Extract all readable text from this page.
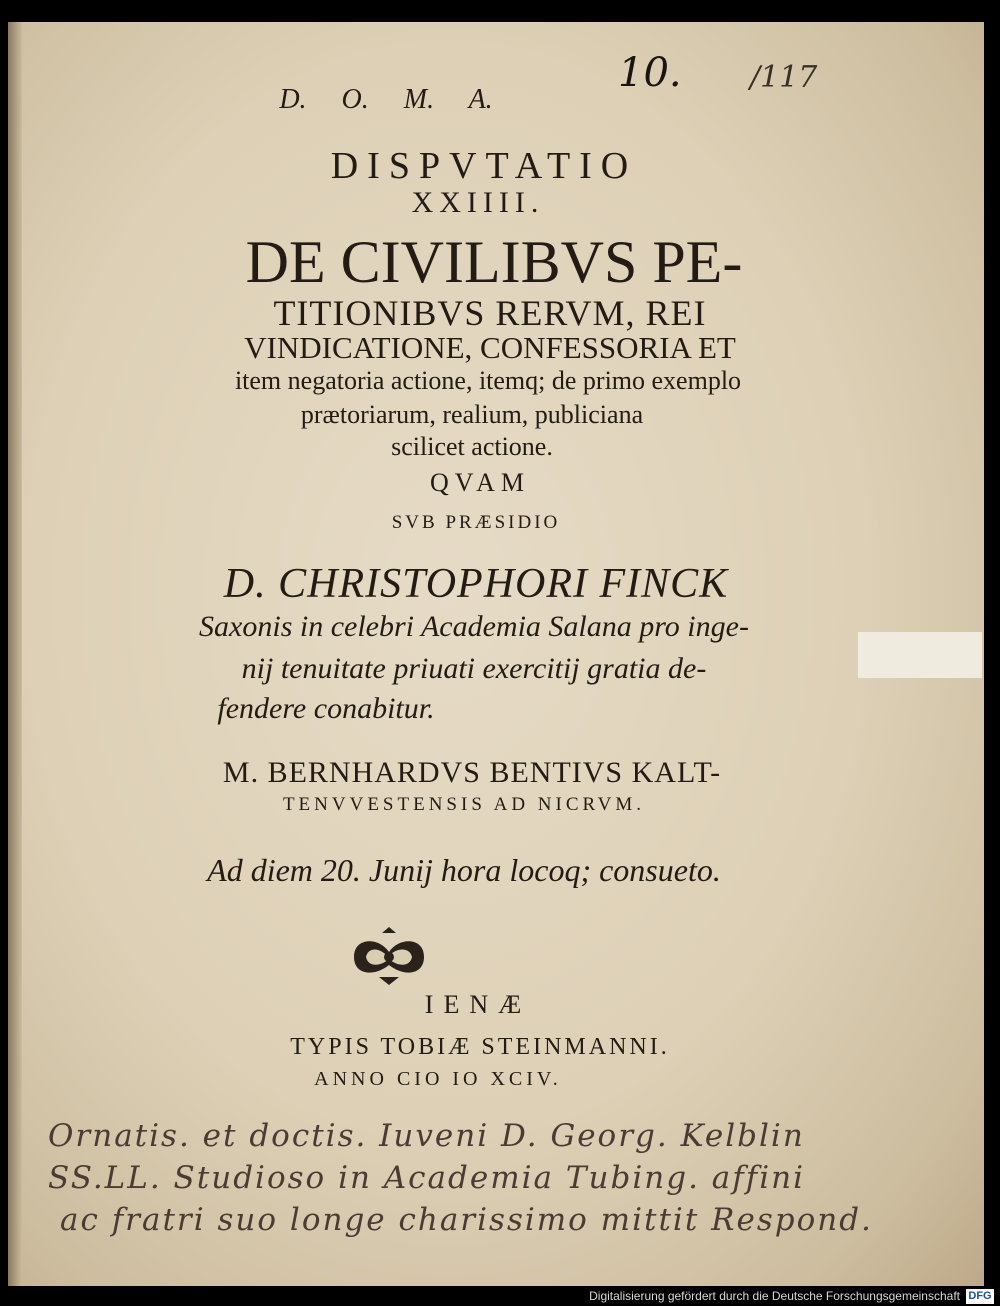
10. /117
D. O. M. A.
DISPVTATIO
XXIIII.
DE CIVILIBVS PE-
TITIONIBVS RERVM, REI
VINDICATIONE, CONFESSORIA ET
item negatoria actione, itemq; de primo exemplo
prætoriarum, realium, publiciana
scilicet actione.
QVAM
SVB PRÆSIDIO
D. CHRISTOPHORI FINCK
Saxonis in celebri Academia Salana pro inge-
nij tenuitate priuati exercitij gratia de-
fendere conabitur.
M. BERNHARDVS BENTIVS KALT-
TENVVESTENSIS AD NICRVM.
Ad diem 20. Junij hora locoq; consueto.
IENÆ
TYPIS TOBIÆ STEINMANNI.
ANNO CIO IO XCIV.
Ornatis. et doctis. Iuveni D. Georg. Kelblin
SS.LL. Studioso in Academia Tubing. affini
ac fratri suo longe charissimo mittit Respond.
Digitalisierung gefördert durch die Deutsche Forschungsgemeinschaft DFG
